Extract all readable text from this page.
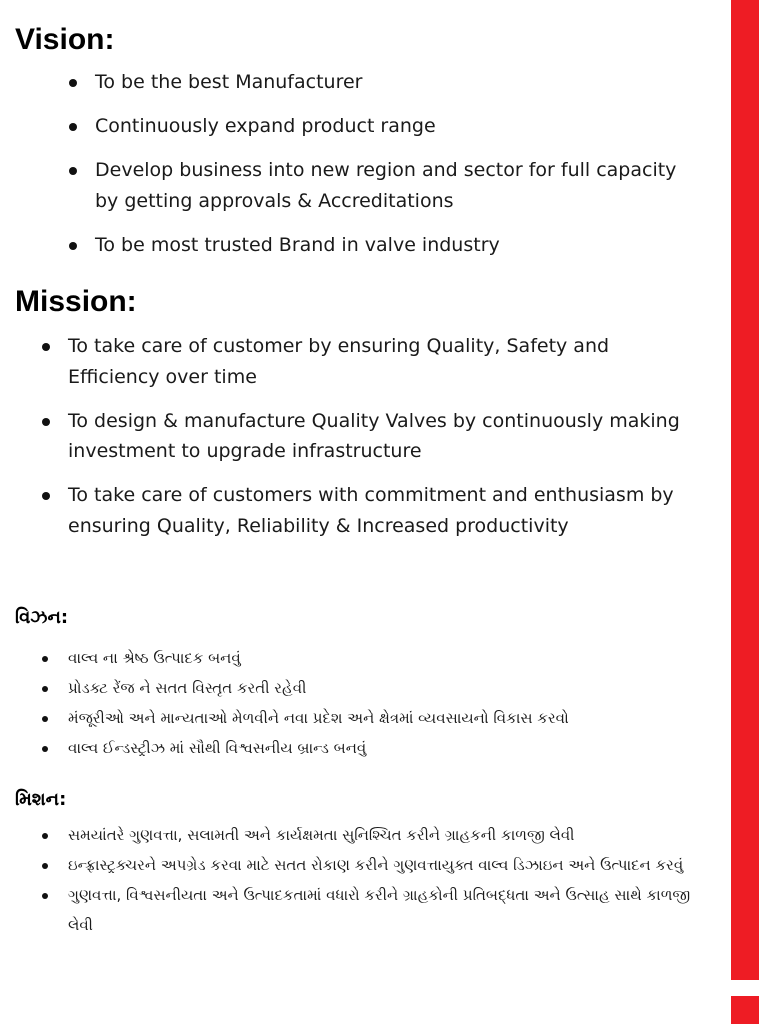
Vision:
To be the best Manufacturer
Continuously expand product range
Develop business into new region and sector for full capacity by getting approvals & Accreditations
To be most trusted Brand in valve industry
Mission:
To take care of customer by ensuring Quality, Safety and Efficiency over time
To design & manufacture Quality Valves by continuously making investment to upgrade infrastructure
To take care of customers with commitment and enthusiasm by ensuring Quality, Reliability & Increased productivity
વિઝન:
વાલ્વ ના શ્રેષ્ઠ ઉત્પાદક બનવું
પ્રોડક્ટ રેંજ ને સતત વિસ્તૃત કરતી રહેવી
મંજૂરીઓ અને માન્યતાઓ મેળવીને નવા પ્રદેશ અને ક્ષેત્રમાં વ્યવસાયનો વિકાસ કરવો
વાલ્વ ઈન્ડસ્ટ્રીઝ માં સૌથી વિશ્વસનીય બ્રાન્ડ બનવું
મિશન:
સમયાંતરે ગુણવત્તા, સલામતી અને કાર્યક્ષમતા સુનિશ્ચિત કરીને ગ્રાહકની કાળજી લેવી
ઇન્ફ્રાસ્ટ્રક્ચરને અપગ્રેડ કરવા માટે સતત રોકાણ કરીને ગુણવત્તાયુક્ત વાલ્વ ડિઝાઇન અને ઉત્પાદન કરવું
ગુણવત્તા, વિશ્વસનીયતા અને ઉત્પાદકતામાં વધારો કરીને ગ્રાહકોની પ્રતિબદ્ધતા અને ઉત્સાહ સાથે કાળજી લેવી
